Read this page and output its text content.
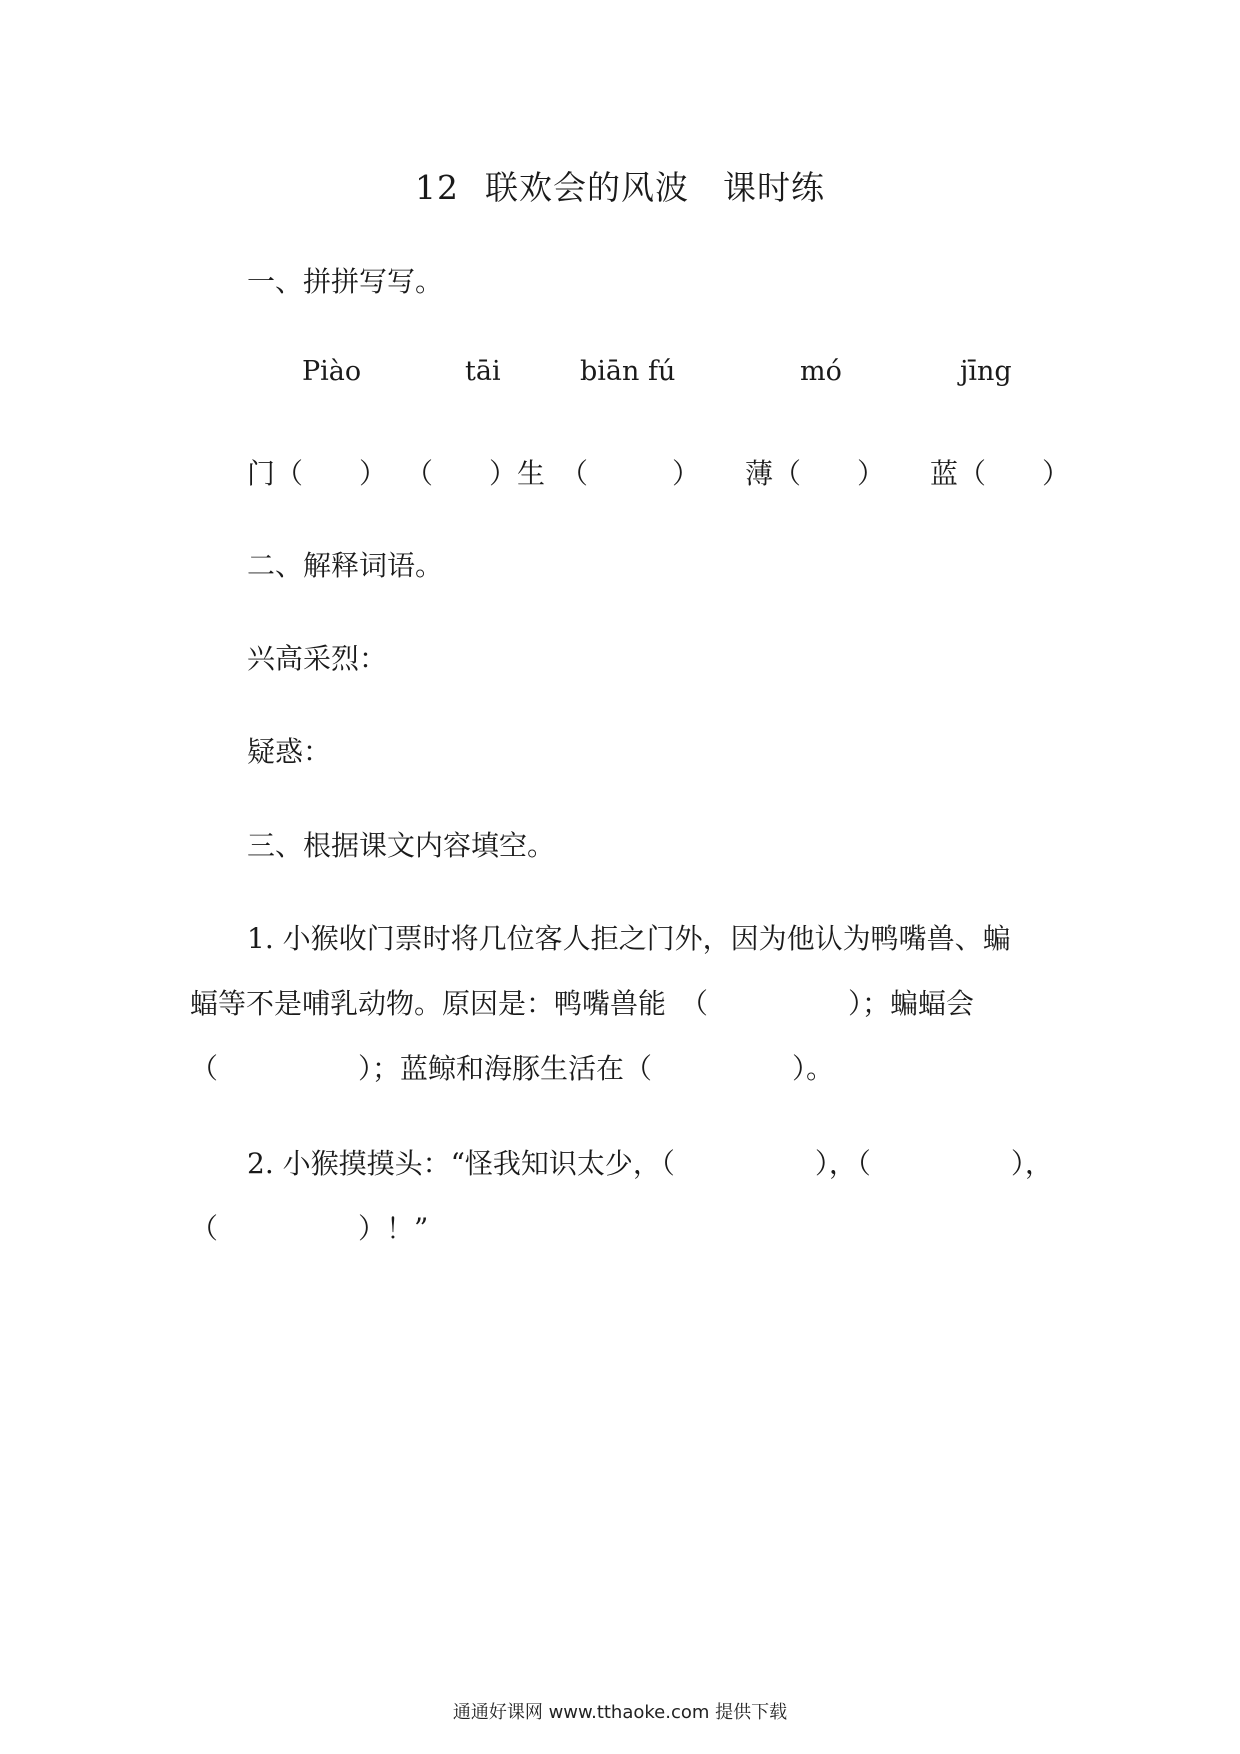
12 联欢会的风波 课时练
一、拼拼写写。
Piào	tāi	biān fú	mó	jīng
门（　　） （　　）生 （　　　） 薄（　　） 蓝（　　）
二、解释词语。
兴高采烈：
疑惑：
三、根据课文内容填空。
1. 小猴收门票时将几位客人拒之门外，因为他认为鸭嘴兽、蝙
蝠等不是哺乳动物。原因是：鸭嘴兽能　（　　　　　）；蝙蝠会
（　　　　　）；蓝鲸和海豚生活在（　　　　　）。
2. 小猴摸摸头：“怪我知识太少，（　　　　　），（　　　　　），
（　　　　　）！”
通通好课网 www.tthaoke.com 提供下载
